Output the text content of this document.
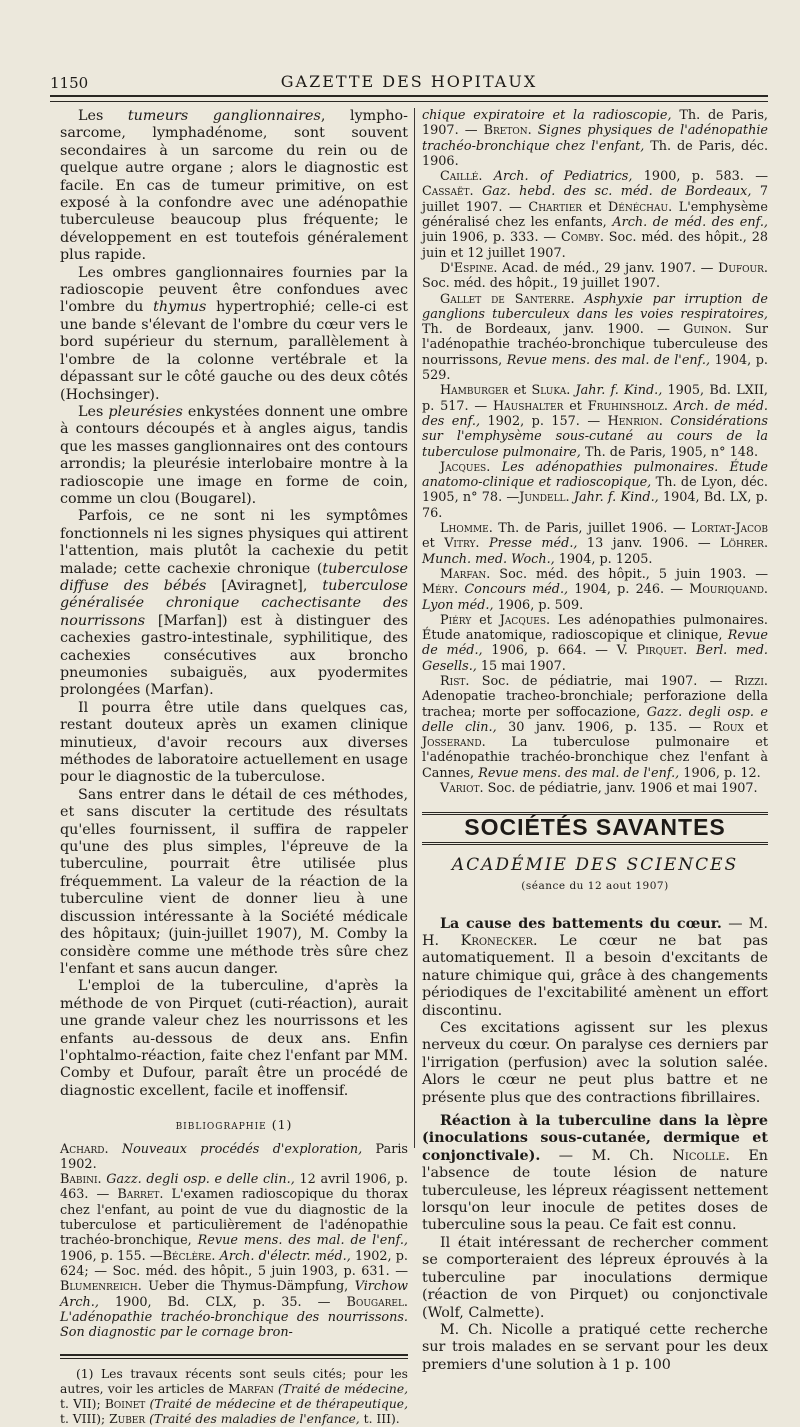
1150	GAZETTE DES HOPITAUX

Les tumeurs ganglionnaires, lympho-sarcome, lymphadénome, sont souvent secondaires à un sarcome du rein ou de quelque autre organe ; alors le diagnostic est facile. En cas de tumeur primitive, on est exposé à la confondre avec une adénopathie tuberculeuse beaucoup plus fréquente; le développement en est toutefois généralement plus rapide.

Les ombres ganglionnaires fournies par la radioscopie peuvent être confondues avec l'ombre du thymus hypertrophié; celle-ci est une bande s'élevant de l'ombre du cœur vers le bord supérieur du sternum, parallèlement à l'ombre de la colonne vertébrale et la dépassant sur le côté gauche ou des deux côtés (Hochsinger).

Les pleurésies enkystées donnent une ombre à contours découpés et à angles aigus, tandis que les masses ganglionnaires ont des contours arrondis; la pleurésie interlobaire montre à la radioscopie une image en forme de coin, comme un clou (Bougarel).

Parfois, ce ne sont ni les symptômes fonctionnels ni les signes physiques qui attirent l'attention, mais plutôt la cachexie du petit malade; cette cachexie chronique (tuberculose diffuse des bébés [Aviragnet], tuberculose généralisée chronique cachectisante des nourrissons [Marfan]) est à distinguer des cachexies gastro-intestinale, syphilitique, des cachexies consécutives aux broncho pneumonies subaiguës, aux pyodermites prolongées (Marfan).

Il pourra être utile dans quelques cas, restant douteux après un examen clinique minutieux, d'avoir recours aux diverses méthodes de laboratoire actuellement en usage pour le diagnostic de la tuberculose.

Sans entrer dans le détail de ces méthodes, et sans discuter la certitude des résultats qu'elles fournissent, il suffira de rappeler qu'une des plus simples, l'épreuve de la tuberculine, pourrait être utilisée plus fréquemment. La valeur de la réaction de la tuberculine vient de donner lieu à une discussion intéressante à la Société médicale des hôpitaux; (juin-juillet 1907), M. Comby la considère comme une méthode très sûre chez l'enfant et sans aucun danger.

L'emploi de la tuberculine, d'après la méthode de von Pirquet (cuti-réaction), aurait une grande valeur chez les nourrissons et les enfants au-dessous de deux ans. Enfin l'ophtalmo-réaction, faite chez l'enfant par MM. Comby et Dufour, paraît être un procédé de diagnostic excellent, facile et inoffensif.

bibliographie (1)

Achard. Nouveaux procédés d'exploration, Paris 1902.

Babini. Gazz. degli osp. e delle clin., 12 avril 1906, p. 463. — Barret. L'examen radioscopique du thorax chez l'enfant, au point de vue du diagnostic de la tuberculose et particulièrement de l'adénopathie trachéo-bronchique, Revue mens. des mal. de l'enf., 1906, p. 155. —Béclère. Arch. d'électr. méd., 1902, p. 624; — Soc. méd. des hôpit., 5 juin 1903, p. 631. — Blumenreich. Ueber die Thymus-Dämpfung, Virchow Arch., 1900, Bd. CLX, p. 35. — Bougarel. L'adénopathie trachéo-bronchique des nourrissons. Son diagnostic par le cornage bron-

(1) Les travaux récents sont seuls cités; pour les autres, voir les articles de Marfan (Traité de médecine, t. VII); Boinet (Traité de médecine et de thérapeutique, t. VIII); Zuber (Traité des maladies de l'enfance, t. III).

chique expiratoire et la radioscopie, Th. de Paris, 1907. — Breton. Signes physiques de l'adénopathie trachéo-bronchique chez l'enfant, Th. de Paris, déc. 1906.

Caillé. Arch. of Pediatrics, 1900, p. 583. — Cassaët. Gaz. hebd. des sc. méd. de Bordeaux, 7 juillet 1907. — Chartier et Dénéchau. L'emphysème généralisé chez les enfants, Arch. de méd. des enf., juin 1906, p. 333. — Comby. Soc. méd. des hôpit., 28 juin et 12 juillet 1907.

D'Espine. Acad. de méd., 29 janv. 1907. — Dufour. Soc. méd. des hôpit., 19 juillet 1907.

Gallet de Santerre. Asphyxie par irruption de ganglions tuberculeux dans les voies respiratoires, Th. de Bordeaux, janv. 1900. — Guinon. Sur l'adénopathie trachéo-bronchique tuberculeuse des nourrissons, Revue mens. des mal. de l'enf., 1904, p. 529.

Hamburger et Sluka. Jahr. f. Kind., 1905, Bd. LXII, p. 517. — Haushalter et Fruhinsholz. Arch. de méd. des enf., 1902, p. 157. — Henrion. Considérations sur l'emphysème sous-cutané au cours de la tuberculose pulmonaire, Th. de Paris, 1905, n° 148.

Jacques. Les adénopathies pulmonaires. Étude anatomo-clinique et radioscopique, Th. de Lyon, déc. 1905, n° 78. —Jundell. Jahr. f. Kind., 1904, Bd. LX, p. 76.

Lhomme. Th. de Paris, juillet 1906. — Lortat-Jacob et Vitry. Presse méd., 13 janv. 1906. — Löhrer. Munch. med. Woch., 1904, p. 1205.

Marfan. Soc. méd. des hôpit., 5 juin 1903. — Méry. Concours méd., 1904, p. 246. — Mouriquand. Lyon méd., 1906, p. 509.

Piéry et Jacques. Les adénopathies pulmonaires. Étude anatomique, radioscopique et clinique, Revue de méd., 1906, p. 664. — V. Pirquet. Berl. med. Gesells., 15 mai 1907.

Rist. Soc. de pédiatrie, mai 1907. — Rizzi. Adenopatie tracheo-bronchiale; perforazione della trachea; morte per soffocazione, Gazz. degli osp. e delle clin., 30 janv. 1906, p. 135. — Roux et Josserand. La tuberculose pulmonaire et l'adénopathie trachéo-bronchique chez l'enfant à Cannes, Revue mens. des mal. de l'enf., 1906, p. 12.

Variot. Soc. de pédiatrie, janv. 1906 et mai 1907.

SOCIÉTÉS SAVANTES
ACADÉMIE DES SCIENCES
(séance du 12 aout 1907)

La cause des battements du cœur. — M. H. Kronecker. Le cœur ne bat pas automatiquement. Il a besoin d'excitants de nature chimique qui, grâce à des changements périodiques de l'excitabilité amènent un effort discontinu.

Ces excitations agissent sur les plexus nerveux du cœur. On paralyse ces derniers par l'irrigation (perfusion) avec la solution salée. Alors le cœur ne peut plus battre et ne présente plus que des contractions fibrillaires.

Réaction à la tuberculine dans la lèpre (inoculations sous-cutanée, dermique et conjonctivale). — M. Ch. Nicolle. En l'absence de toute lésion de nature tuberculeuse, les lépreux réagissent nettement lorsqu'on leur inocule de petites doses de tuberculine sous la peau. Ce fait est connu.

Il était intéressant de rechercher comment se comporteraient des lépreux éprouvés à la tuberculine par inoculations dermique (réaction de von Pirquet) ou conjonctivale (Wolf, Calmette).

M. Ch. Nicolle a pratiqué cette recherche sur trois malades en se servant pour les deux premiers d'une solution à 1 p. 100
